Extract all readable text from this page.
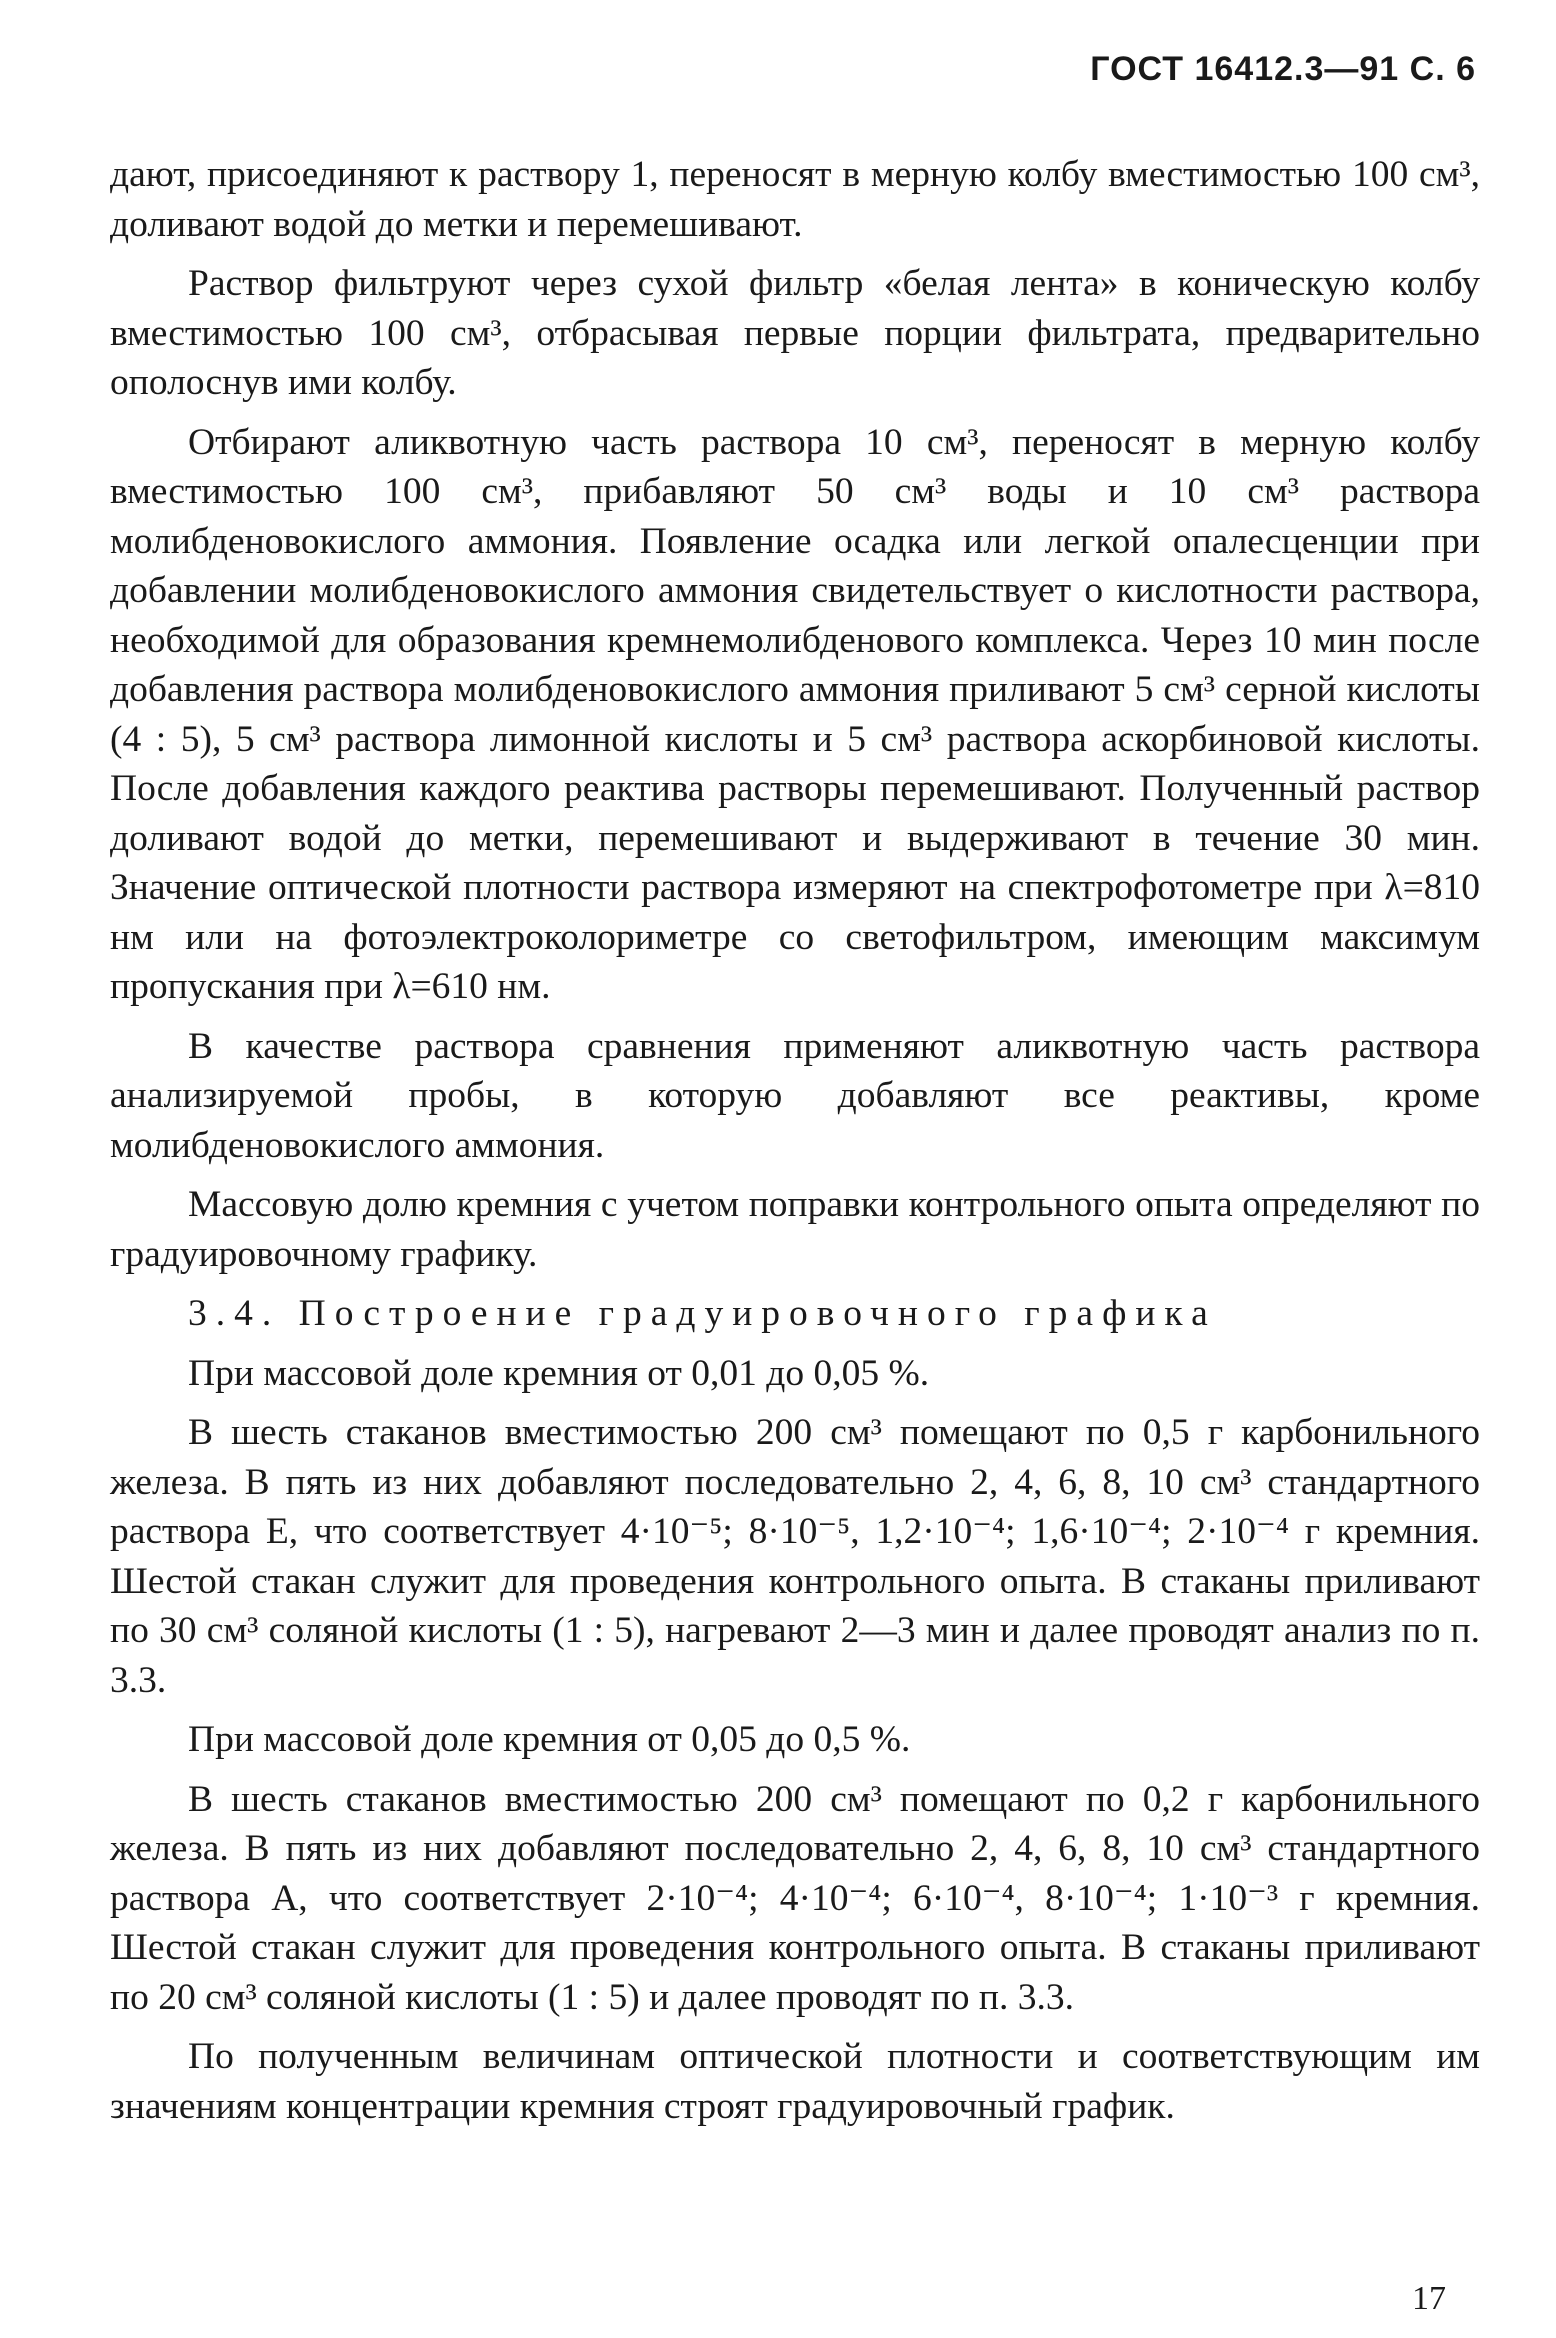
ГОСТ 16412.3—91 С. 6

дают, присоединяют к раствору 1, переносят в мерную колбу вместимостью 100 см³, доливают водой до метки и перемешивают.

Раствор фильтруют через сухой фильтр «белая лента» в коническую колбу вместимостью 100 см³, отбрасывая первые порции фильтрата, предварительно ополоснув ими колбу.

Отбирают аликвотную часть раствора 10 см³, переносят в мерную колбу вместимостью 100 см³, прибавляют 50 см³ воды и 10 см³ раствора молибденовокислого аммония. Появление осадка или легкой опалесценции при добавлении молибденовокислого аммония свидетельствует о кислотности раствора, необходимой для образования кремнемолибденового комплекса. Через 10 мин после добавления раствора молибденовокислого аммония приливают 5 см³ серной кислоты (4 : 5), 5 см³ раствора лимонной кислоты и 5 см³ раствора аскорбиновой кислоты. После добавления каждого реактива растворы перемешивают. Полученный раствор доливают водой до метки, перемешивают и выдерживают в течение 30 мин. Значение оптической плотности раствора измеряют на спектрофотометре при λ=810 нм или на фотоэлектроколориметре со светофильтром, имеющим максимум пропускания при λ=610 нм.

В качестве раствора сравнения применяют аликвотную часть раствора анализируемой пробы, в которую добавляют все реактивы, кроме молибденовокислого аммония.

Массовую долю кремния с учетом поправки контрольного опыта определяют по градуировочному графику.

3.4. Построение градуировочного графика

При массовой доле кремния от 0,01 до 0,05 %.

В шесть стаканов вместимостью 200 см³ помещают по 0,5 г карбонильного железа. В пять из них добавляют последовательно 2, 4, 6, 8, 10 см³ стандартного раствора Е, что соответствует 4·10⁻⁵; 8·10⁻⁵, 1,2·10⁻⁴; 1,6·10⁻⁴; 2·10⁻⁴ г кремния. Шестой стакан служит для проведения контрольного опыта. В стаканы приливают по 30 см³ соляной кислоты (1 : 5), нагревают 2—3 мин и далее проводят анализ по п. 3.3.

При массовой доле кремния от 0,05 до 0,5 %.

В шесть стаканов вместимостью 200 см³ помещают по 0,2 г карбонильного железа. В пять из них добавляют последовательно 2, 4, 6, 8, 10 см³ стандартного раствора А, что соответствует 2·10⁻⁴; 4·10⁻⁴; 6·10⁻⁴, 8·10⁻⁴; 1·10⁻³ г кремния. Шестой стакан служит для проведения контрольного опыта. В стаканы приливают по 20 см³ соляной кислоты (1 : 5) и далее проводят по п. 3.3.

По полученным величинам оптической плотности и соответствующим им значениям концентрации кремния строят градуировочный график.

17
